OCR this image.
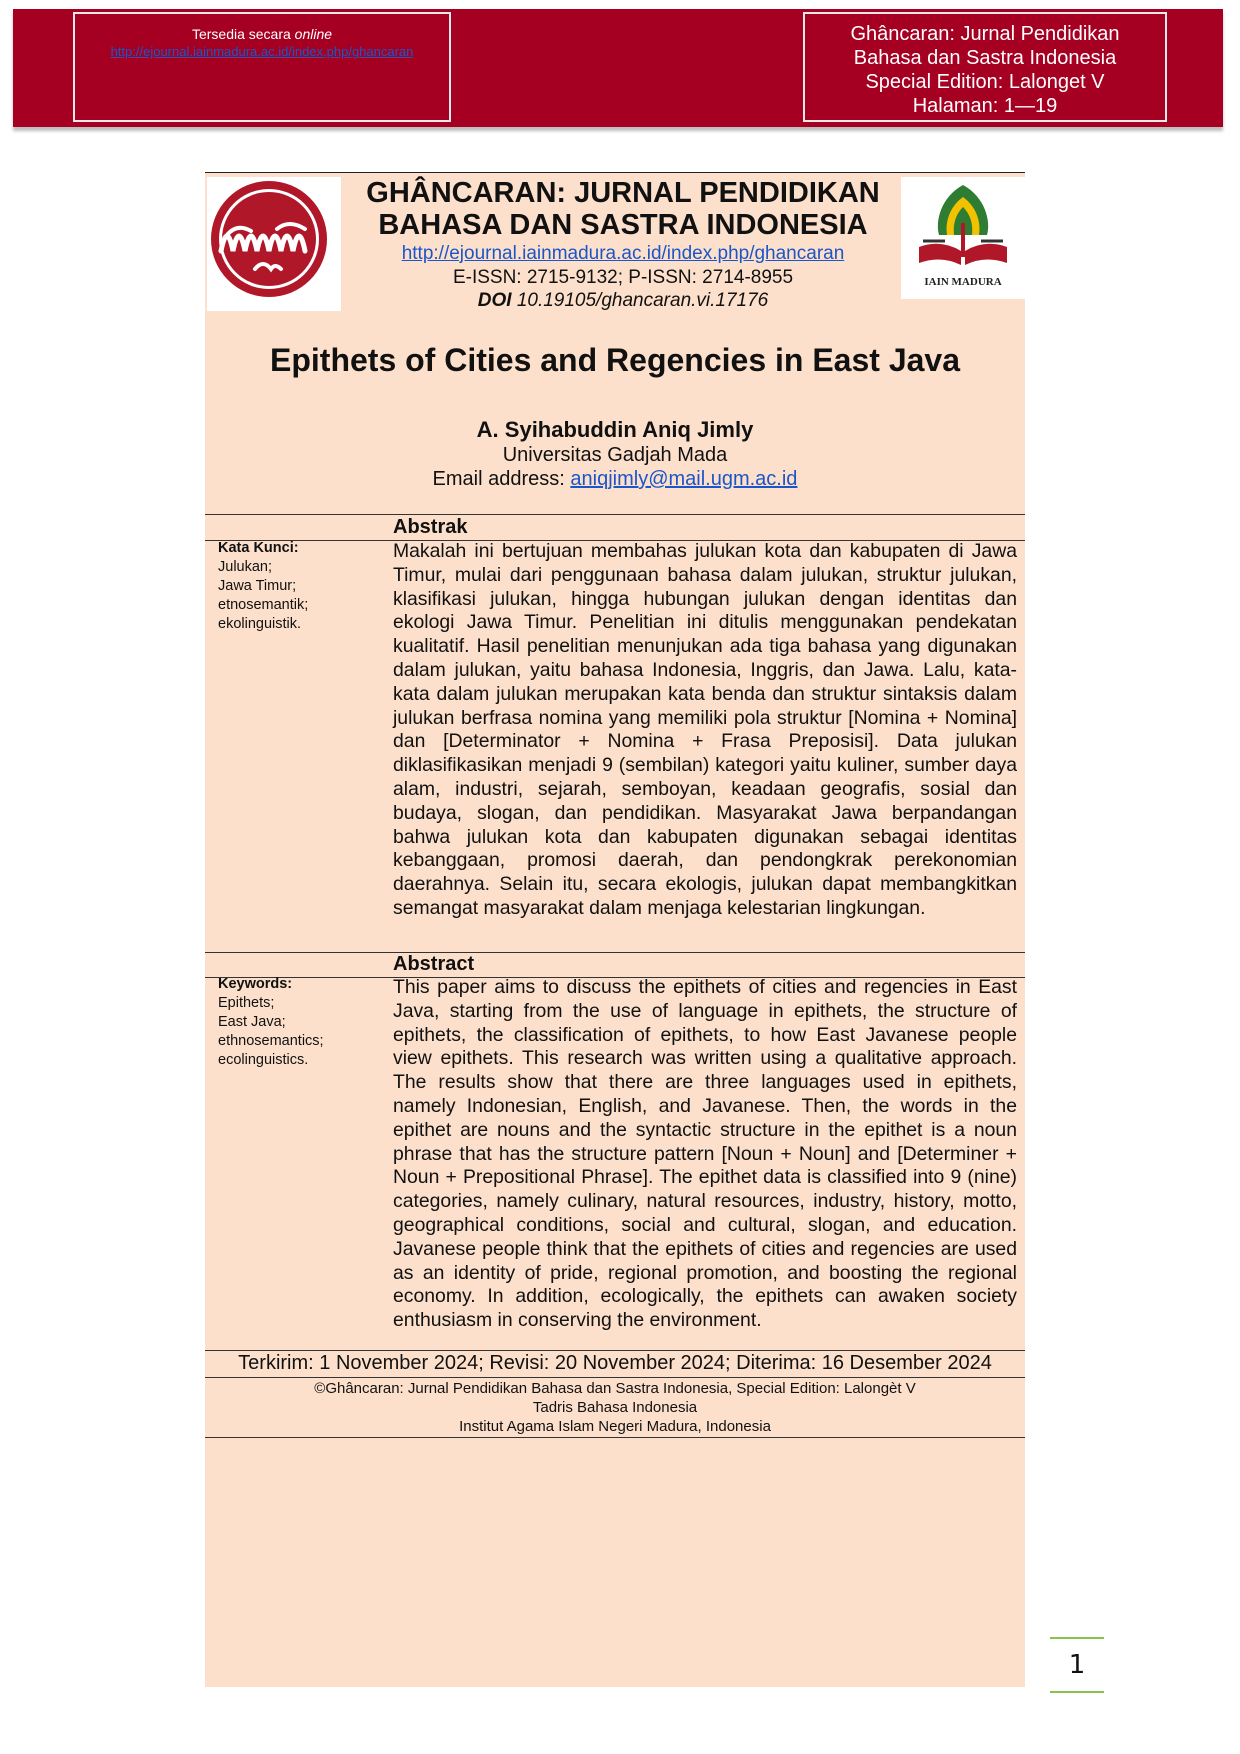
Tersedia secara online
http://ejournal.iainmadura.ac.id/index.php/ghancaran
Ghâncaran: Jurnal Pendidikan
Bahasa dan Sastra Indonesia
Special Edition: Lalonget V
Halaman: 1—19
GHÂNCARAN: JURNAL PENDIDIKAN
BAHASA DAN SASTRA INDONESIA
http://ejournal.iainmadura.ac.id/index.php/ghancaran
E-ISSN: 2715-9132; P-ISSN: 2714-8955
DOI 10.19105/ghancaran.vi.17176
IAIN MADURA
Epithets of Cities and Regencies in East Java
A. Syihabuddin Aniq Jimly
Universitas Gadjah Mada
Email address: aniqjimly@mail.ugm.ac.id
Abstrak
Kata Kunci:
Julukan;
Jawa Timur;
etnosemantik;
ekolinguistik.
Makalah ini bertujuan membahas julukan kota dan kabupaten di Jawa Timur, mulai dari penggunaan bahasa dalam julukan, struktur julukan, klasifikasi julukan, hingga hubungan julukan dengan identitas dan ekologi Jawa Timur. Penelitian ini ditulis menggunakan pendekatan kualitatif. Hasil penelitian menunjukan ada tiga bahasa yang digunakan dalam julukan, yaitu bahasa Indonesia, Inggris, dan Jawa. Lalu, kata-kata dalam julukan merupakan kata benda dan struktur sintaksis dalam julukan berfrasa nomina yang memiliki pola struktur [Nomina + Nomina] dan [Determinator + Nomina + Frasa Preposisi]. Data julukan diklasifikasikan menjadi 9 (sembilan) kategori yaitu kuliner, sumber daya alam, industri, sejarah, semboyan, keadaan geografis, sosial dan budaya, slogan, dan pendidikan. Masyarakat Jawa berpandangan bahwa julukan kota dan kabupaten digunakan sebagai identitas kebanggaan, promosi daerah, dan pendongkrak perekonomian daerahnya. Selain itu, secara ekologis, julukan dapat membangkitkan semangat masyarakat dalam menjaga kelestarian lingkungan.
Abstract
Keywords:
Epithets;
East Java;
ethnosemantics;
ecolinguistics.
This paper aims to discuss the epithets of cities and regencies in East Java, starting from the use of language in epithets, the structure of epithets, the classification of epithets, to how East Javanese people view epithets. This research was written using a qualitative approach. The results show that there are three languages used in epithets, namely Indonesian, English, and Javanese. Then, the words in the epithet are nouns and the syntactic structure in the epithet is a noun phrase that has the structure pattern [Noun + Noun] and [Determiner + Noun + Prepositional Phrase]. The epithet data is classified into 9 (nine) categories, namely culinary, natural resources, industry, history, motto, geographical conditions, social and cultural, slogan, and education. Javanese people think that the epithets of cities and regencies are used as an identity of pride, regional promotion, and boosting the regional economy. In addition, ecologically, the epithets can awaken society enthusiasm in conserving the environment.
Terkirim: 1 November 2024; Revisi: 20 November 2024; Diterima: 16 Desember 2024
©Ghâncaran: Jurnal Pendidikan Bahasa dan Sastra Indonesia, Special Edition: Lalongèt V
Tadris Bahasa Indonesia
Institut Agama Islam Negeri Madura, Indonesia
1
